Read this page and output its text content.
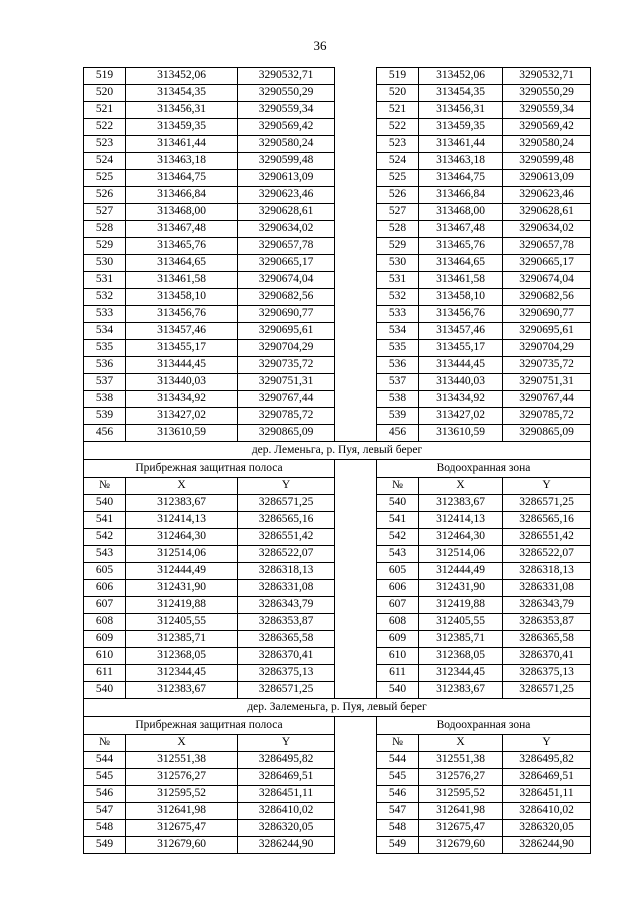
36
519	313452,06	3290532,71		519	313452,06	3290532,71
520	313454,35	3290550,29		520	313454,35	3290550,29
521	313456,31	3290559,34		521	313456,31	3290559,34
522	313459,35	3290569,42		522	313459,35	3290569,42
523	313461,44	3290580,24		523	313461,44	3290580,24
524	313463,18	3290599,48		524	313463,18	3290599,48
525	313464,75	3290613,09		525	313464,75	3290613,09
526	313466,84	3290623,46		526	313466,84	3290623,46
527	313468,00	3290628,61		527	313468,00	3290628,61
528	313467,48	3290634,02		528	313467,48	3290634,02
529	313465,76	3290657,78		529	313465,76	3290657,78
530	313464,65	3290665,17		530	313464,65	3290665,17
531	313461,58	3290674,04		531	313461,58	3290674,04
532	313458,10	3290682,56		532	313458,10	3290682,56
533	313456,76	3290690,77		533	313456,76	3290690,77
534	313457,46	3290695,61		534	313457,46	3290695,61
535	313455,17	3290704,29		535	313455,17	3290704,29
536	313444,45	3290735,72		536	313444,45	3290735,72
537	313440,03	3290751,31		537	313440,03	3290751,31
538	313434,92	3290767,44		538	313434,92	3290767,44
539	313427,02	3290785,72		539	313427,02	3290785,72
456	313610,59	3290865,09		456	313610,59	3290865,09
дер. Леменьга, р. Пуя, левый берег						
Прибрежная защитная полоса				Водоохранная зона		
№	X	Y		№	X	Y
540	312383,67	3286571,25		540	312383,67	3286571,25
541	312414,13	3286565,16		541	312414,13	3286565,16
542	312464,30	3286551,42		542	312464,30	3286551,42
543	312514,06	3286522,07		543	312514,06	3286522,07
605	312444,49	3286318,13		605	312444,49	3286318,13
606	312431,90	3286331,08		606	312431,90	3286331,08
607	312419,88	3286343,79		607	312419,88	3286343,79
608	312405,55	3286353,87		608	312405,55	3286353,87
609	312385,71	3286365,58		609	312385,71	3286365,58
610	312368,05	3286370,41		610	312368,05	3286370,41
611	312344,45	3286375,13		611	312344,45	3286375,13
540	312383,67	3286571,25		540	312383,67	3286571,25
дер. Залеменьга, р. Пуя, левый берег						
Прибрежная защитная полоса				Водоохранная зона		
№	X	Y		№	X	Y
544	312551,38	3286495,82		544	312551,38	3286495,82
545	312576,27	3286469,51		545	312576,27	3286469,51
546	312595,52	3286451,11		546	312595,52	3286451,11
547	312641,98	3286410,02		547	312641,98	3286410,02
548	312675,47	3286320,05		548	312675,47	3286320,05
549	312679,60	3286244,90		549	312679,60	3286244,90
